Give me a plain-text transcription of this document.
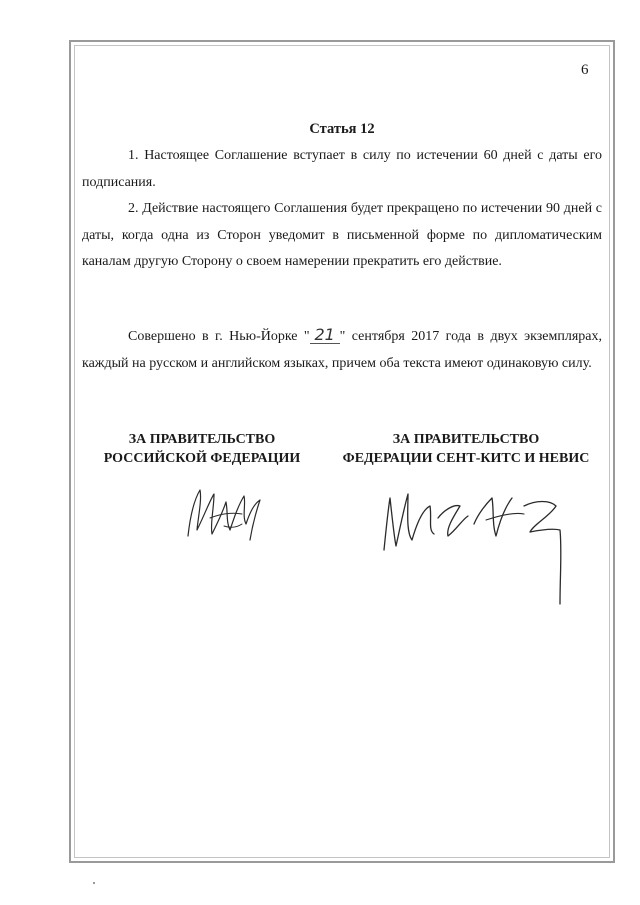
6
Статья 12

1. Настоящее Соглашение вступает в силу по истечении 60 дней с даты его подписания.

2. Действие настоящего Соглашения будет прекращено по истечении 90 дней с даты, когда одна из Сторон уведомит в письменной форме по дипломатическим каналам другую Сторону о своем намерении прекратить его действие.

Совершено в г. Нью-Йорке " 21 " сентября 2017 года в двух экземплярах, каждый на русском и английском языках, причем оба текста имеют одинаковую силу.

ЗА ПРАВИТЕЛЬСТВО
РОССИЙСКОЙ ФЕДЕРАЦИИ
ЗА ПРАВИТЕЛЬСТВО
ФЕДЕРАЦИИ СЕНТ-КИТС И НЕВИС
